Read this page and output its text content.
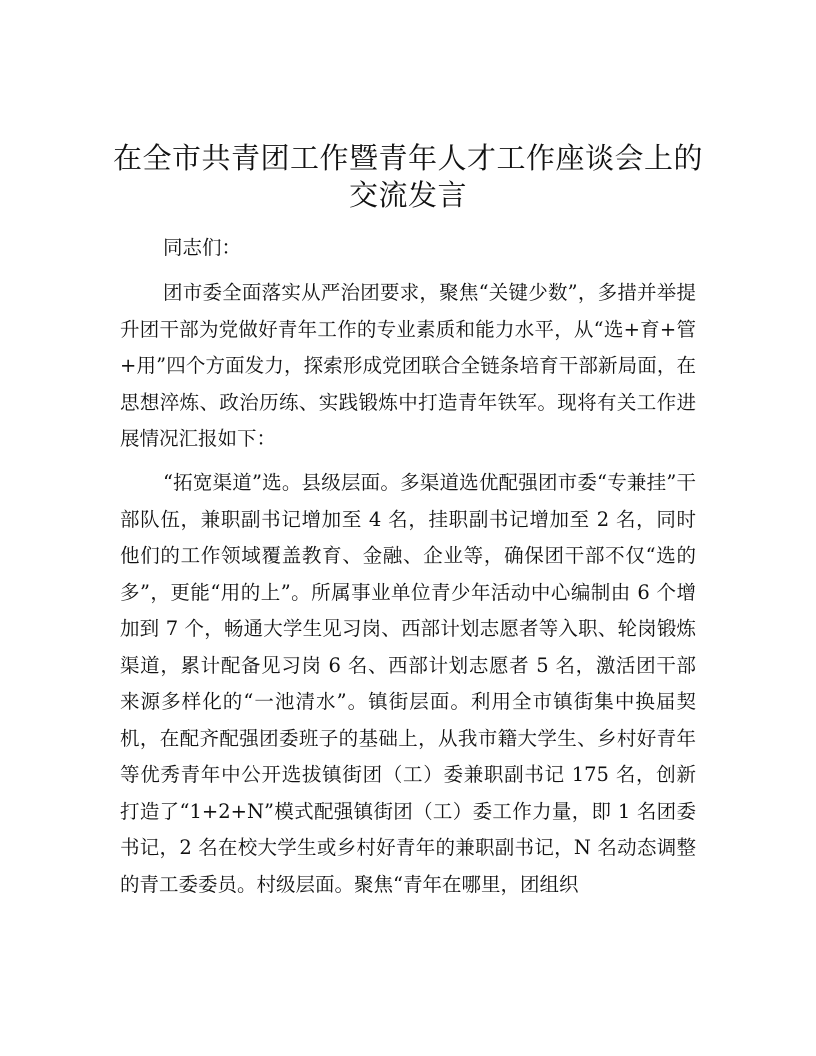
在全市共青团工作暨青年人才工作座谈会上的
交流发言

同志们：

团市委全面落实从严治团要求，聚焦“关键少数”，多措并举提升团干部为党做好青年工作的专业素质和能力水平，从“选+育+管+用”四个方面发力，探索形成党团联合全链条培育干部新局面，在思想淬炼、政治历练、实践锻炼中打造青年铁军。现将有关工作进展情况汇报如下：

“拓宽渠道”选。县级层面。多渠道选优配强团市委“专兼挂”干部队伍，兼职副书记增加至 4 名，挂职副书记增加至 2 名，同时他们的工作领域覆盖教育、金融、企业等，确保团干部不仅“选的多”，更能“用的上”。所属事业单位青少年活动中心编制由 6 个增加到 7 个，畅通大学生见习岗、西部计划志愿者等入职、轮岗锻炼渠道，累计配备见习岗 6 名、西部计划志愿者 5 名，激活团干部来源多样化的“一池清水”。镇街层面。利用全市镇街集中换届契机，在配齐配强团委班子的基础上，从我市籍大学生、乡村好青年等优秀青年中公开选拔镇街团（工）委兼职副书记 175 名，创新打造了“1+2+N”模式配强镇街团（工）委工作力量，即 1 名团委书记，2 名在校大学生或乡村好青年的兼职副书记，N 名动态调整的青工委委员。村级层面。聚焦“青年在哪里，团组织
